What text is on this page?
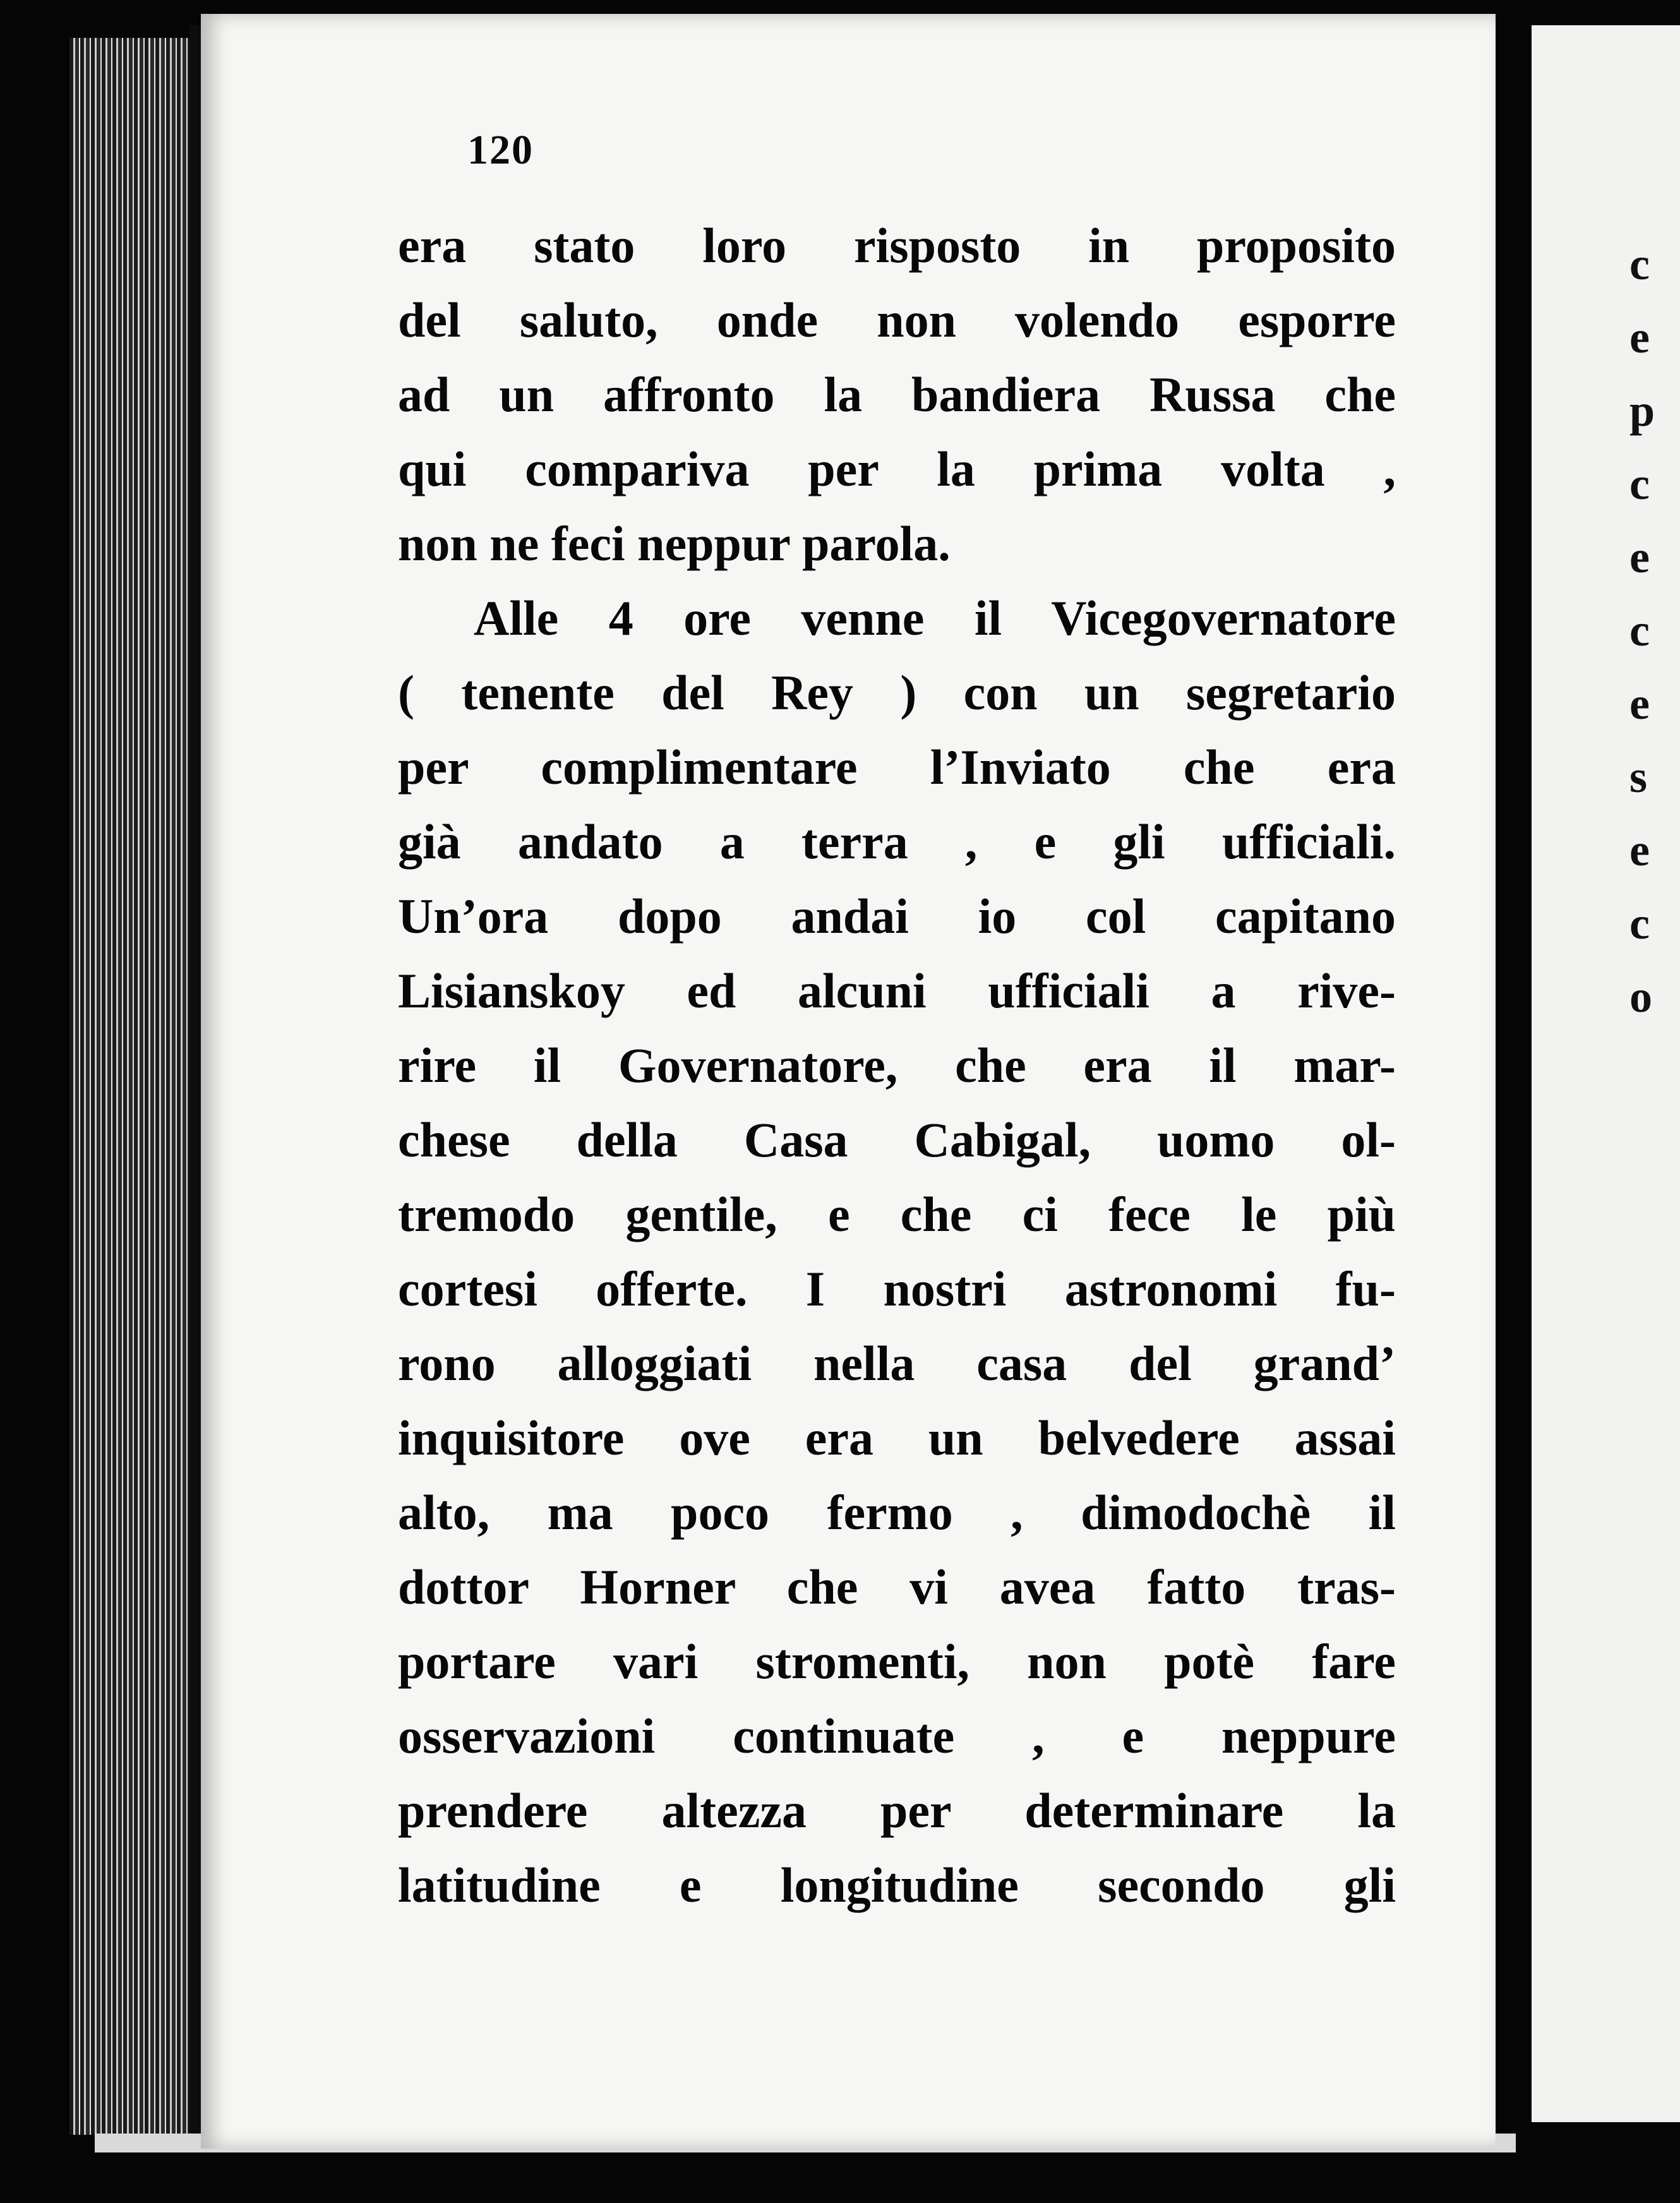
c
e
p
c
e
c
e
s
e
c
o
120
era stato loro risposto in proposito
del saluto, onde non volendo esporre
ad un affronto la bandiera Russa che
qui compariva per la prima volta ,
non ne feci neppur parola.
Alle 4 ore venne il Vicegovernatore
( tenente del Rey ) con un segretario
per complimentare l’Inviato che era
già andato a terra , e gli ufficiali.
Un’ora dopo andai io col capitano
Lisianskoy ed alcuni ufficiali a rive-
rire il Governatore, che era il mar-
chese della Casa Cabigal, uomo ol-
tremodo gentile, e che ci fece le più
cortesi offerte. I nostri astronomi fu-
rono alloggiati nella casa del grand’
inquisitore ove era un belvedere assai
alto, ma poco fermo , dimodochè il
dottor Horner che vi avea fatto tras-
portare vari stromenti, non potè fare
osservazioni continuate , e neppure
prendere altezza per determinare la
latitudine e longitudine secondo gli
